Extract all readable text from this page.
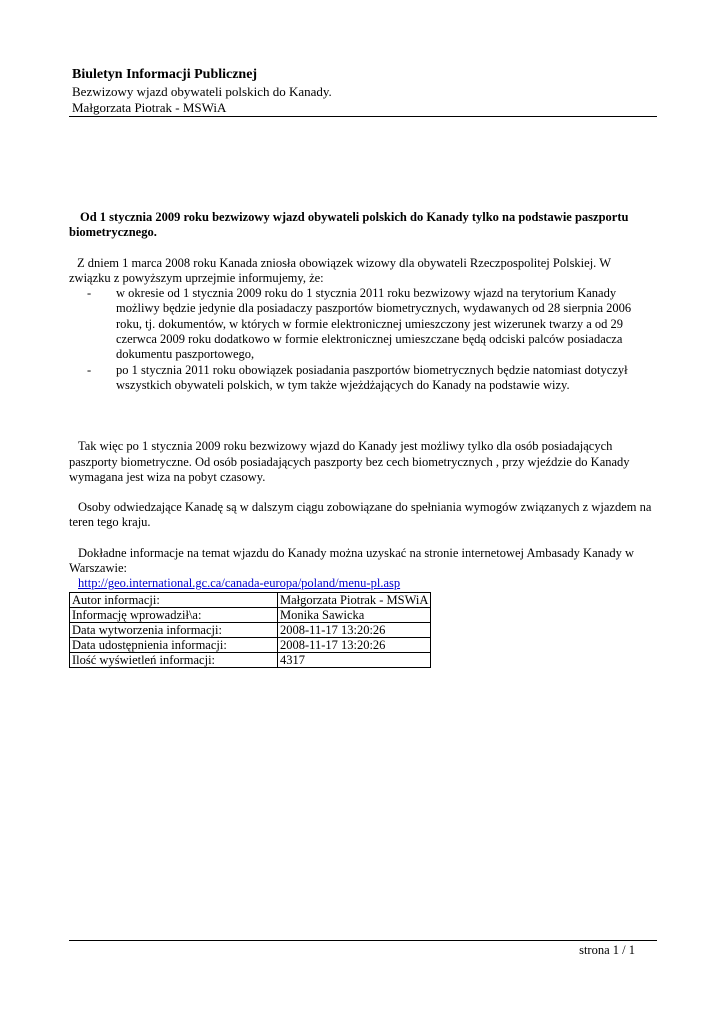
Biuletyn Informacji Publicznej
Bezwizowy wjazd obywateli polskich do Kanady.
Małgorzata Piotrak - MSWiA

Od 1 stycznia 2009 roku bezwizowy wjazd obywateli polskich do Kanady tylko na podstawie paszportu biometrycznego.

Z dniem 1 marca 2008 roku Kanada zniosła obowiązek wizowy dla obywateli Rzeczpospolitej Polskiej. W związku z powyższym uprzejmie informujemy, że:

-	w okresie od 1 stycznia 2009 roku do 1 stycznia 2011 roku bezwizowy wjazd na terytorium Kanady możliwy będzie jedynie dla posiadaczy paszportów biometrycznych, wydawanych od 28 sierpnia 2006 roku, tj. dokumentów, w których w formie elektronicznej umieszczony jest wizerunek twarzy a od 29 czerwca 2009 roku dodatkowo w formie elektronicznej umieszczane będą odciski palców posiadacza dokumentu paszportowego,
-	po 1 stycznia 2011 roku obowiązek posiadania paszportów biometrycznych będzie natomiast dotyczył wszystkich obywateli polskich, w tym także wjeżdżających do Kanady na podstawie wizy.

Tak więc po 1 stycznia 2009 roku bezwizowy wjazd do Kanady jest możliwy tylko dla osób posiadających paszporty biometryczne. Od osób posiadających paszporty bez cech biometrycznych , przy wjeździe do Kanady wymagana jest wiza na pobyt czasowy.

Osoby odwiedzające Kanadę są w dalszym ciągu zobowiązane do spełniania wymogów związanych z wjazdem na teren tego kraju.

Dokładne informacje na temat wjazdu do Kanady można uzyskać na stronie internetowej Ambasady Kanady w Warszawie:

http://geo.international.gc.ca/canada-europa/poland/menu-pl.asp
Autor informacji:	Małgorzata Piotrak - MSWiA
Informację wprowadził\a:	Monika Sawicka
Data wytworzenia informacji:	2008-11-17 13:20:26
Data udostępnienia informacji:	2008-11-17 13:20:26
Ilość wyświetleń informacji:	4317
strona 1 / 1
